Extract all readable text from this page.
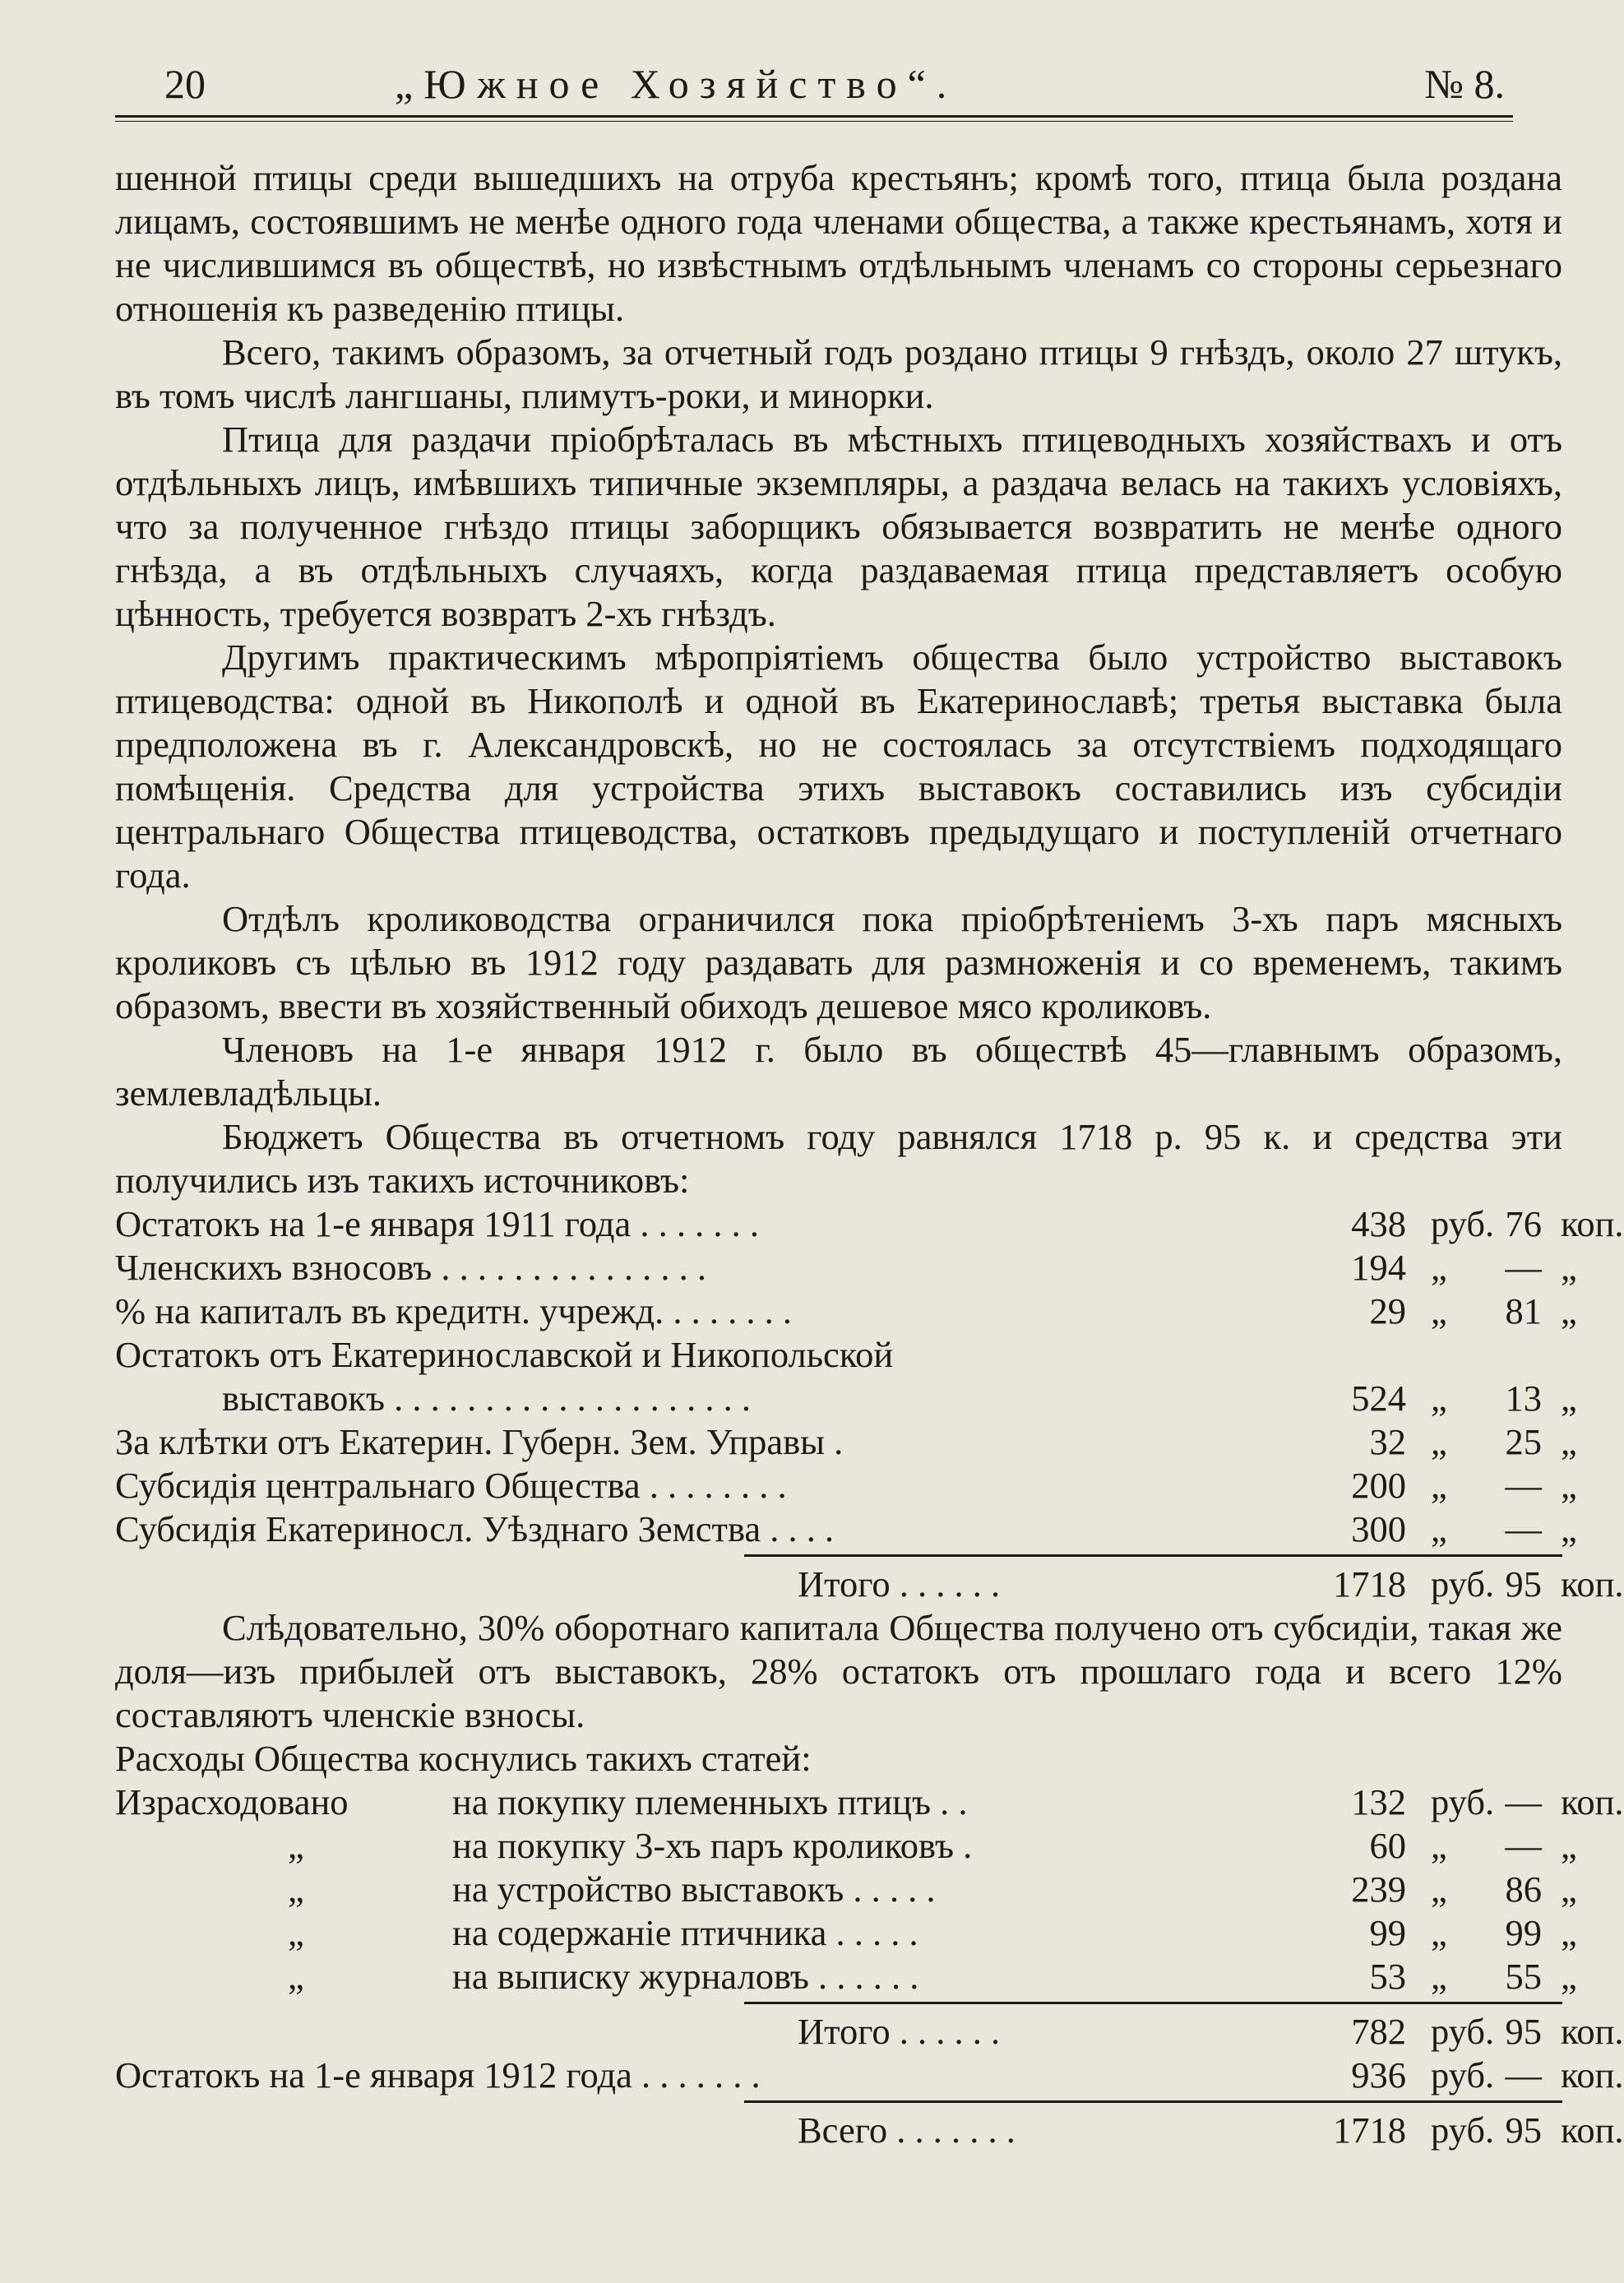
20	„Южное Хозяйство“.	№ 8.

шенной птицы среди вышедшихъ на отруба крестьянъ; кромѣ того, птица была роздана лицамъ, состоявшимъ не менѣе одного года членами общества, а также крестьянамъ, хотя и не числившимся въ обществѣ, но извѣстнымъ отдѣльнымъ членамъ со стороны серьезнаго отношенія къ разведенію птицы.

Всего, такимъ образомъ, за отчетный годъ роздано птицы 9 гнѣздъ, около 27 штукъ, въ томъ числѣ лангшаны, плимутъ-роки, и минорки.

Птица для раздачи пріобрѣталась въ мѣстныхъ птицеводныхъ хозяйствахъ и отъ отдѣльныхъ лицъ, имѣвшихъ типичные экземпляры, а раздача велась на такихъ условіяхъ, что за полученное гнѣздо птицы заборщикъ обязывается возвратить не менѣе одного гнѣзда, а въ отдѣльныхъ случаяхъ, когда раздаваемая птица представляетъ особую цѣнность, требуется возвратъ 2-хъ гнѣздъ.

Другимъ практическимъ мѣропріятіемъ общества было устройство выставокъ птицеводства: одной въ Никополѣ и одной въ Екатеринославѣ; третья выставка была предположена въ г. Александровскѣ, но не состоялась за отсутствіемъ подходящаго помѣщенія. Средства для устройства этихъ выставокъ составились изъ субсидіи центральнаго Общества птицеводства, остатковъ предыдущаго и поступленій отчетнаго года.

Отдѣлъ кролиководства ограничился пока пріобрѣтеніемъ 3-хъ паръ мясныхъ кроликовъ съ цѣлью въ 1912 году раздавать для размноженія и со временемъ, такимъ образомъ, ввести въ хозяйственный обиходъ дешевое мясо кроликовъ.

Членовъ на 1-е января 1912 г. было въ обществѣ 45—главнымъ образомъ, землевладѣльцы.

Бюджетъ Общества въ отчетномъ году равнялся 1718 р. 95 к. и средства эти получились изъ такихъ источниковъ:

Остатокъ на 1-е января 1911 года . . . . . . .	438 руб. 76 коп.
Членскихъ взносовъ . . . . . . . . . . . . . . .	194 „	— „
% на капиталъ въ кредитн. учрежд. . . . . . . .	29 „	81 „
Остатокъ отъ Екатеринославской и Никопольской
выставокъ . . . . . . . . . . . . . . . . . . . .	524 „	13 „
За клѣтки отъ Екатерин. Губерн. Зем. Управы .	32 „	25 „
Субсидія центральнаго Общества . . . . . . . .	200 „	— „
Субсидія Екатериносл. Уѣзднаго Земства . . . .	300 „	— „
Итого . . . . . .	1718 руб. 95 коп.

Слѣдовательно, 30% оборотнаго капитала Общества получено отъ субсидіи, такая же доля—изъ прибылей отъ выставокъ, 28% остатокъ отъ прошлаго года и всего 12% составляютъ членскіе взносы.

Расходы Общества коснулись такихъ статей:

Израсходовано	на покупку племенныхъ птицъ . .	132 руб. — коп.
„	на покупку 3-хъ паръ кроликовъ .	60 „	— „
„	на устройство выставокъ . . . . .	239 „	86 „
„	на содержаніе птичника . . . . .	99 „	99 „
„	на выписку журналовъ . . . . . .	53 „	55 „
Итого . . . . . .	782 руб. 95 коп.
Остатокъ на 1-е января 1912 года . . . . . . .	936 руб. — коп.
Всего . . . . . . .	1718 руб. 95 коп.
